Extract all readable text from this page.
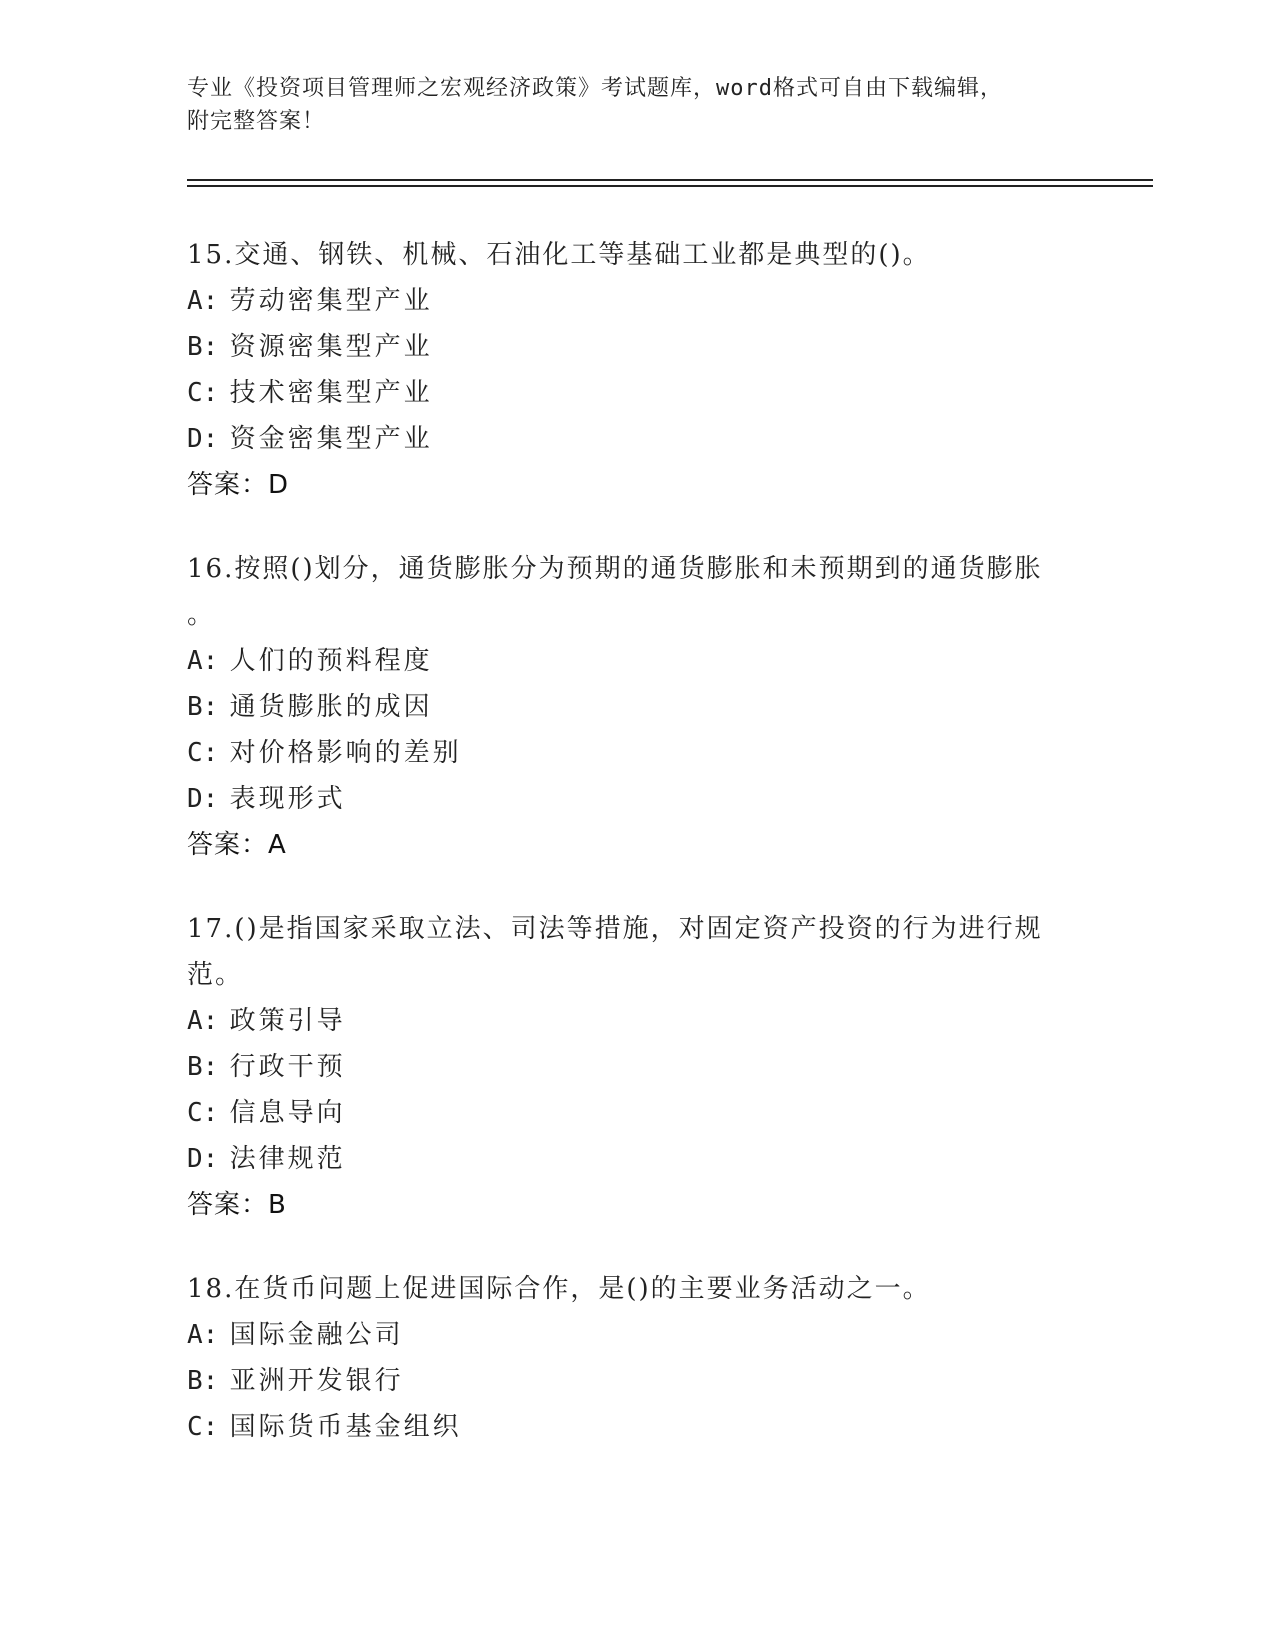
专业《投资项目管理师之宏观经济政策》考试题库，word格式可自由下载编辑，

附完整答案！

15.交通、钢铁、机械、石油化工等基础工业都是典型的()。

A: 劳动密集型产业

B: 资源密集型产业

C: 技术密集型产业

D: 资金密集型产业

答案：D

16.按照()划分，通货膨胀分为预期的通货膨胀和未预期到的通货膨胀

。

A: 人们的预料程度

B: 通货膨胀的成因

C: 对价格影响的差别

D: 表现形式

答案：A

17.()是指国家采取立法、司法等措施，对固定资产投资的行为进行规

范。

A: 政策引导

B: 行政干预

C: 信息导向

D: 法律规范

答案：B

18.在货币问题上促进国际合作，是()的主要业务活动之一。

A: 国际金融公司

B: 亚洲开发银行

C: 国际货币基金组织
